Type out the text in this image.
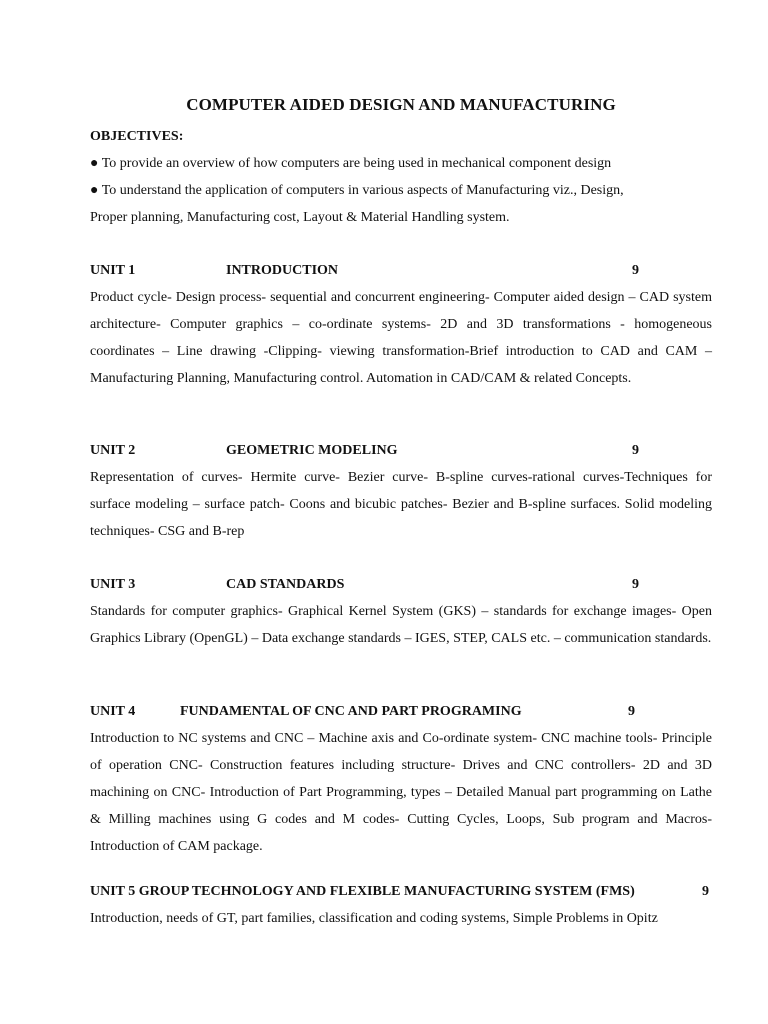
COMPUTER AIDED DESIGN AND MANUFACTURING
OBJECTIVES:
● To provide an overview of how computers are being used in mechanical component design
● To understand the application of computers in various aspects of Manufacturing viz., Design,
Proper planning, Manufacturing cost, Layout & Material Handling system.
UNIT 1	INTRODUCTION	9
Product cycle- Design process- sequential and concurrent engineering- Computer aided design – CAD system architecture- Computer graphics – co-ordinate systems- 2D and 3D transformations - homogeneous coordinates – Line drawing -Clipping- viewing transformation-Brief introduction to CAD and CAM – Manufacturing Planning, Manufacturing control. Automation in CAD/CAM & related Concepts.
UNIT 2	GEOMETRIC MODELING	9
Representation of curves- Hermite curve- Bezier curve- B-spline curves-rational curves-Techniques for surface modeling – surface patch- Coons and bicubic patches- Bezier and B-spline surfaces. Solid modeling techniques- CSG and B-rep
UNIT 3	CAD STANDARDS	9
Standards for computer graphics- Graphical Kernel System (GKS) – standards for exchange images- Open Graphics Library (OpenGL) – Data exchange standards – IGES, STEP, CALS etc. – communication standards.
UNIT 4	FUNDAMENTAL OF CNC AND PART PROGRAMING	9
Introduction to NC systems and CNC – Machine axis and Co-ordinate system- CNC machine tools- Principle of operation CNC- Construction features including structure- Drives and CNC controllers- 2D and 3D machining on CNC- Introduction of Part Programming, types – Detailed Manual part programming on Lathe & Milling machines using G codes and M codes- Cutting Cycles, Loops, Sub program and Macros- Introduction of CAM package.
UNIT 5 GROUP TECHNOLOGY AND FLEXIBLE MANUFACTURING SYSTEM (FMS)	9
Introduction, needs of GT, part families, classification and coding systems, Simple Problems in Opitz
